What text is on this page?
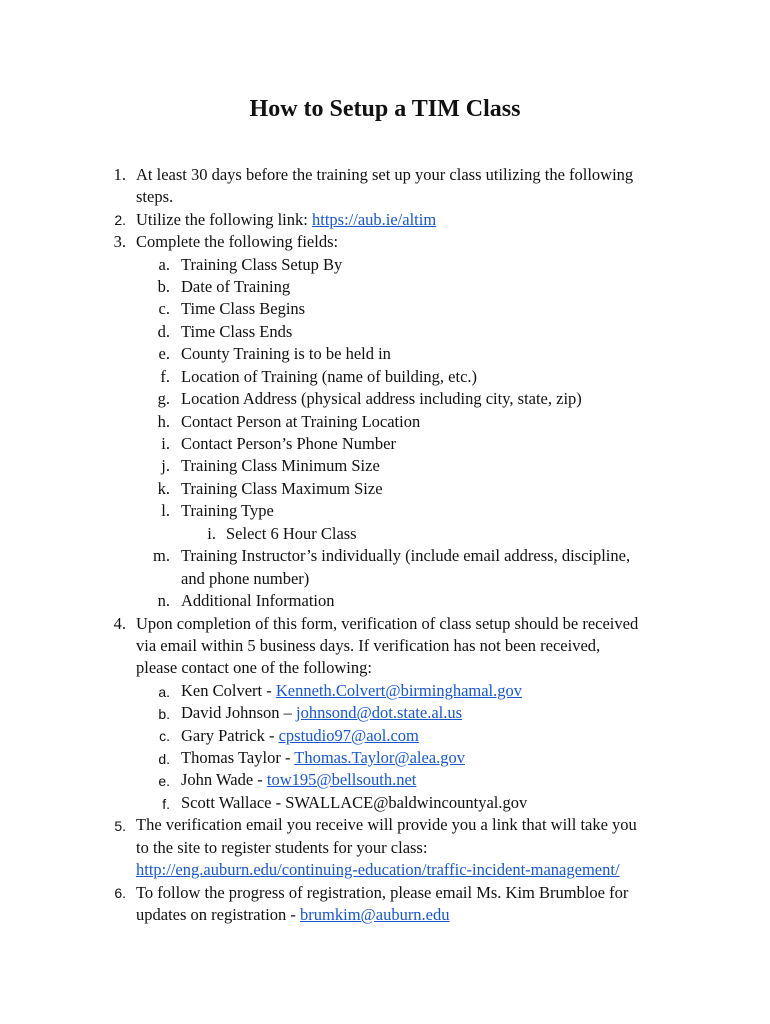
How to Setup a TIM Class
1. At least 30 days before the training set up your class utilizing the following
steps.
2. Utilize the following link: https://aub.ie/altim
3. Complete the following fields:
a. Training Class Setup By
b. Date of Training
c. Time Class Begins
d. Time Class Ends
e. County Training is to be held in
f. Location of Training (name of building, etc.)
g. Location Address (physical address including city, state, zip)
h. Contact Person at Training Location
i. Contact Person’s Phone Number
j. Training Class Minimum Size
k. Training Class Maximum Size
l. Training Type
i. Select 6 Hour Class
m. Training Instructor’s individually (include email address, discipline,
and phone number)
n. Additional Information
4. Upon completion of this form, verification of class setup should be received
via email within 5 business days. If verification has not been received,
please contact one of the following:
a. Ken Colvert - Kenneth.Colvert@birminghamal.gov
b. David Johnson – johnsond@dot.state.al.us
c. Gary Patrick - cpstudio97@aol.com
d. Thomas Taylor - Thomas.Taylor@alea.gov
e. John Wade - tow195@bellsouth.net
f. Scott Wallace - SWALLACE@baldwincountyal.gov
5. The verification email you receive will provide you a link that will take you
to the site to register students for your class:
http://eng.auburn.edu/continuing-education/traffic-incident-management/
6. To follow the progress of registration, please email Ms. Kim Brumbloe for
updates on registration - brumkim@auburn.edu
